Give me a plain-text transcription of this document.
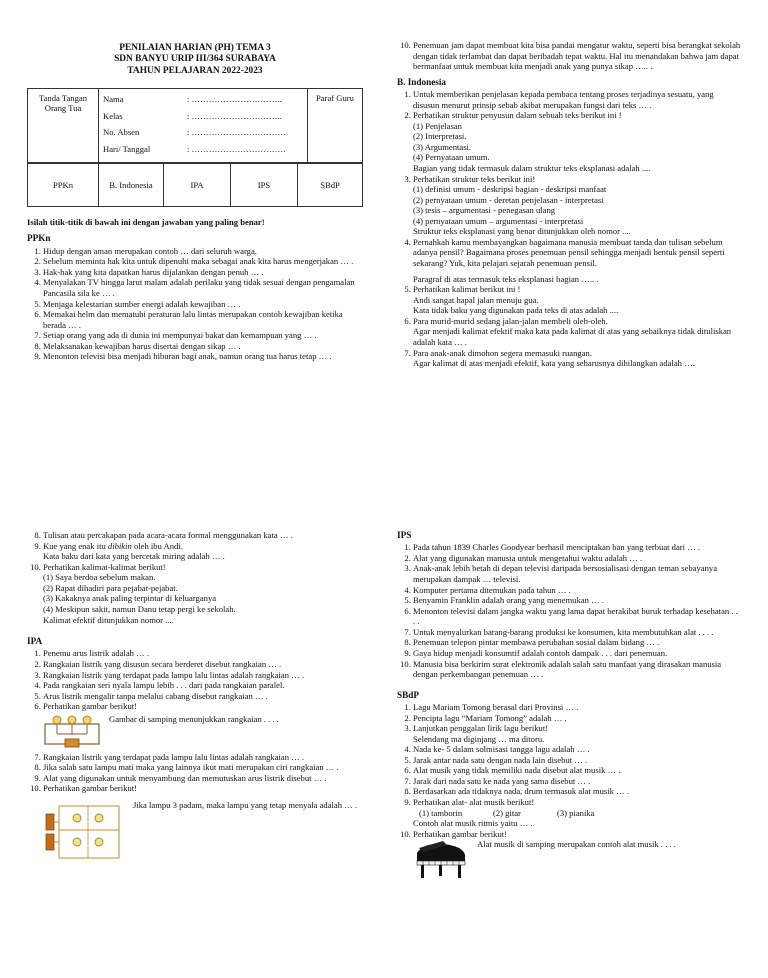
PENILAIAN HARIAN (PH) TEMA 3
SDN BANYU URIP III/364 SURABAYA
TAHUN PELAJARAN 2022-2023
Tanda Tangan Orang Tua	
Nama	: …………………………..
Kelas	: …………………………..
No. Absen	: ……………………………
Hari/ Tanggal	: ……………………………
	Paraf Guru
PPKn	B. Indonesia	IPA	IPS	SBdP
Isilah titik-titik di bawah ini dengan jawaban yang paling benar!
PPKn
1. Hidup dengan aman merupakan contoh … dari seluruh warga.
2. Sebelum meminta hak kita untuk dipenuhi maka sebagai anak kita harus mengerjakan … .
3. Hak-hak yang kita dapatkan harus dijalankan dengan penuh … .
4. Menyalakan TV hingga larut malam adalah perilaku yang tidak sesuai dengan pengamalan Pancasila sila ke … .
5. Menjaga kelestarian sumber energi adalah kewajiban … .
6. Memakai helm dan mematuhi peraturan lalu lintas merupakan contoh kewajiban ketika berada … .
7. Setiap orang yang ada di dunia ini mempunyai bakat dan kemampuan yang … .
8. Melaksanakan kewajiban harus disertai dengan sikap … .
9. Menonton televisi bisa menjadi hiburan bagi anak, namun orang tua harus tetap … .
10. Penemuan jam dapat membuat kita bisa pandai mengatur waktu, seperti bisa berangkat sekolah dengan tidak terlambat dan dapat beribadah tepat waktu. Hal itu menandakan bahwa jam dapat bermanfaat untuk membuat kita menjadi anak yang punya sikap ….. .
B. Indonesia
1. Untuk memberikan penjelasan kepada pembaca tentang proses terjadinya sesuatu, yang disusun menurut prinsip sebab akibat merupakan fungsi dari teks … .
2. Perhatikan struktur penyusun dalam sebuah teks berikut ini !
(1) Penjelasan
(2) Interpretasi.
(3) Argumentasi.
(4) Pernyataan umum.
Bagian yang tidak termasuk dalam struktur teks eksplanasi adalah ....
3. Perhatikan struktur teks berikut ini!
(1) definisi umum - deskripsi bagian - deskripsi manfaat
(2) pernyataan umum - deretan penjelasan - interpretasi
(3) tesis – argumentasi - penegasan ulang
(4) pernyataan umum – argumentasi - interpretasi
Struktur teks eksplanasi yang benar ditunjukkan oleh nomor ....
4. Pernahkah kamu membayangkan bagaimana manusia membuat tanda dan tulisan sebelum adanya pensil? Bagaimana proses penemuan pensil sehingga menjadi bentuk pensil seperti sekarang? Yuk, kita pelajari sejarah penemuan pensil.
Paragraf di atas termasuk teks eksplanasi bagian ….. .
5. Perhatikan kalimat berikut ini !
Andi sangat hapal jalan menuju gua.
Kata tidak baku yang digunakan pada teks di atas adalah ....
6. Para murid-murid sedang jalan-jalan membeli oleh-oleh.
Agar menjadi kalimat efektif maka kata pada kalimat di atas yang sebaiknya tidak dituliskan adalah kata … .
7. Para anak-anak dimohon segera memasuki ruangan.
Agar kalimat di atas menjadi efektif, kata yang seharusnya dihilangkan adalah ….
8. Tulisan atau percakapan pada acara-acara formal menggunakan kata … .
9. Kue yang enak itu dibikin oleh ibu Andi.
Kata baku dari kata yang bercetak miring adalah … .
10. Perhatikan kalimat-kalimat berikut!
(1) Saya berdoa sebelum makan.
(2) Rapat dihadiri para pejabat-pejabat.
(3) Kakaknya anak paling terpintar di keluarganya
(4) Meskipun sakit, namun Danu tetap pergi ke sekolah.
Kalimat efektif ditunjukkan nomor ....
IPA
1. Penemu arus listrik adalah … .
2. Rangkaian listrik yang disusun secara berderet disebut rangkaian … .
3. Rangkaian listrik yang terdapat pada lampu lalu lintas adalah rangkaian … .
4. Pada rangkaian seri nyala lampu lebih . . . dari pada rangkaian paralel.
5. Arus listrik mengalir tanpa melalui cabang disebut rangkaian … .
6. Perhatikan gambar berikut!
Gambar di samping menunjukkan rangkaian . . . .
7. Rangkaian listrik yang terdapat pada lampu lalu lintas adalah rangkaian … .
8. Jika salah satu lampu mati maka yang lainnya ikut mati merupakan ciri rangkaian … .
9. Alat yang digunakan untuk menyambung dan memutuskan arus listrik disebut … .
10. Perhatikan gambar berikut!
Jika lampu 3 padam, maka lampu yang tetap menyala adalah … .
IPS
1. Pada tahun 1839 Charles Goodyear berhasil menciptakan ban yang terbuat dari … .
2. Alat yang digunakan manusia untuk mengetahui waktu adalah … .
3. Anak-anak lebih betah di depan televisi daripada bersosialisasi dengan teman sebayanya merupakan dampak … televisi.
4. Komputer pertama ditemukan pada tahun … .
5. Benyamin Franklin adalah orang yang menemukan … .
6. Menonton televisi dalam jangka waktu yang lama dapat berakibat buruk terhadap kesehatan . . . .
7. Untuk menyalurkan barang-barang produksi ke konsumen, kita membutuhkan alat . . . .
8. Penemuan telepon pintar membawa perubahan sosial dalam bidang … .
9. Gaya hidup menjadi konsumtif adalah contoh dampak . . . dari penemuan.
10. Manusia bisa berkirim surat elektronik adalah salah satu manfaat yang dirasakan manusia dengan perkembangan penemuan … .
SBdP
1. Lagu Mariam Tomong berasal dari Provinsi … .
2. Pencipta lagu “Mariam Tomong” adalah … .
3. Lanjutkan penggalan lirik lagu berikut!
Selendang ma diginjang … ma ditoru.
4. Nada ke- 5 dalam solmisasi tangga lagu adalah … .
5. Jarak antar nada satu dengan nada lain disebut … .
6. Alat musik yang tidak memiliki nada disebut alat musik … .
7. Jarak dari nada satu ke nada yang sama disebut … .
8. Berdasarkan ada tidaknya nada, drum termasuk alat musik … .
9. Perhatikan alat- alat musik berikut!
(1) tamborin	(2) gitar	(3) pianika
Contoh alat musik ritmis yaitu … .
10. Perhatikan gambar berikut!
Alat musik di samping merupakan contoh alat musik . . . .
